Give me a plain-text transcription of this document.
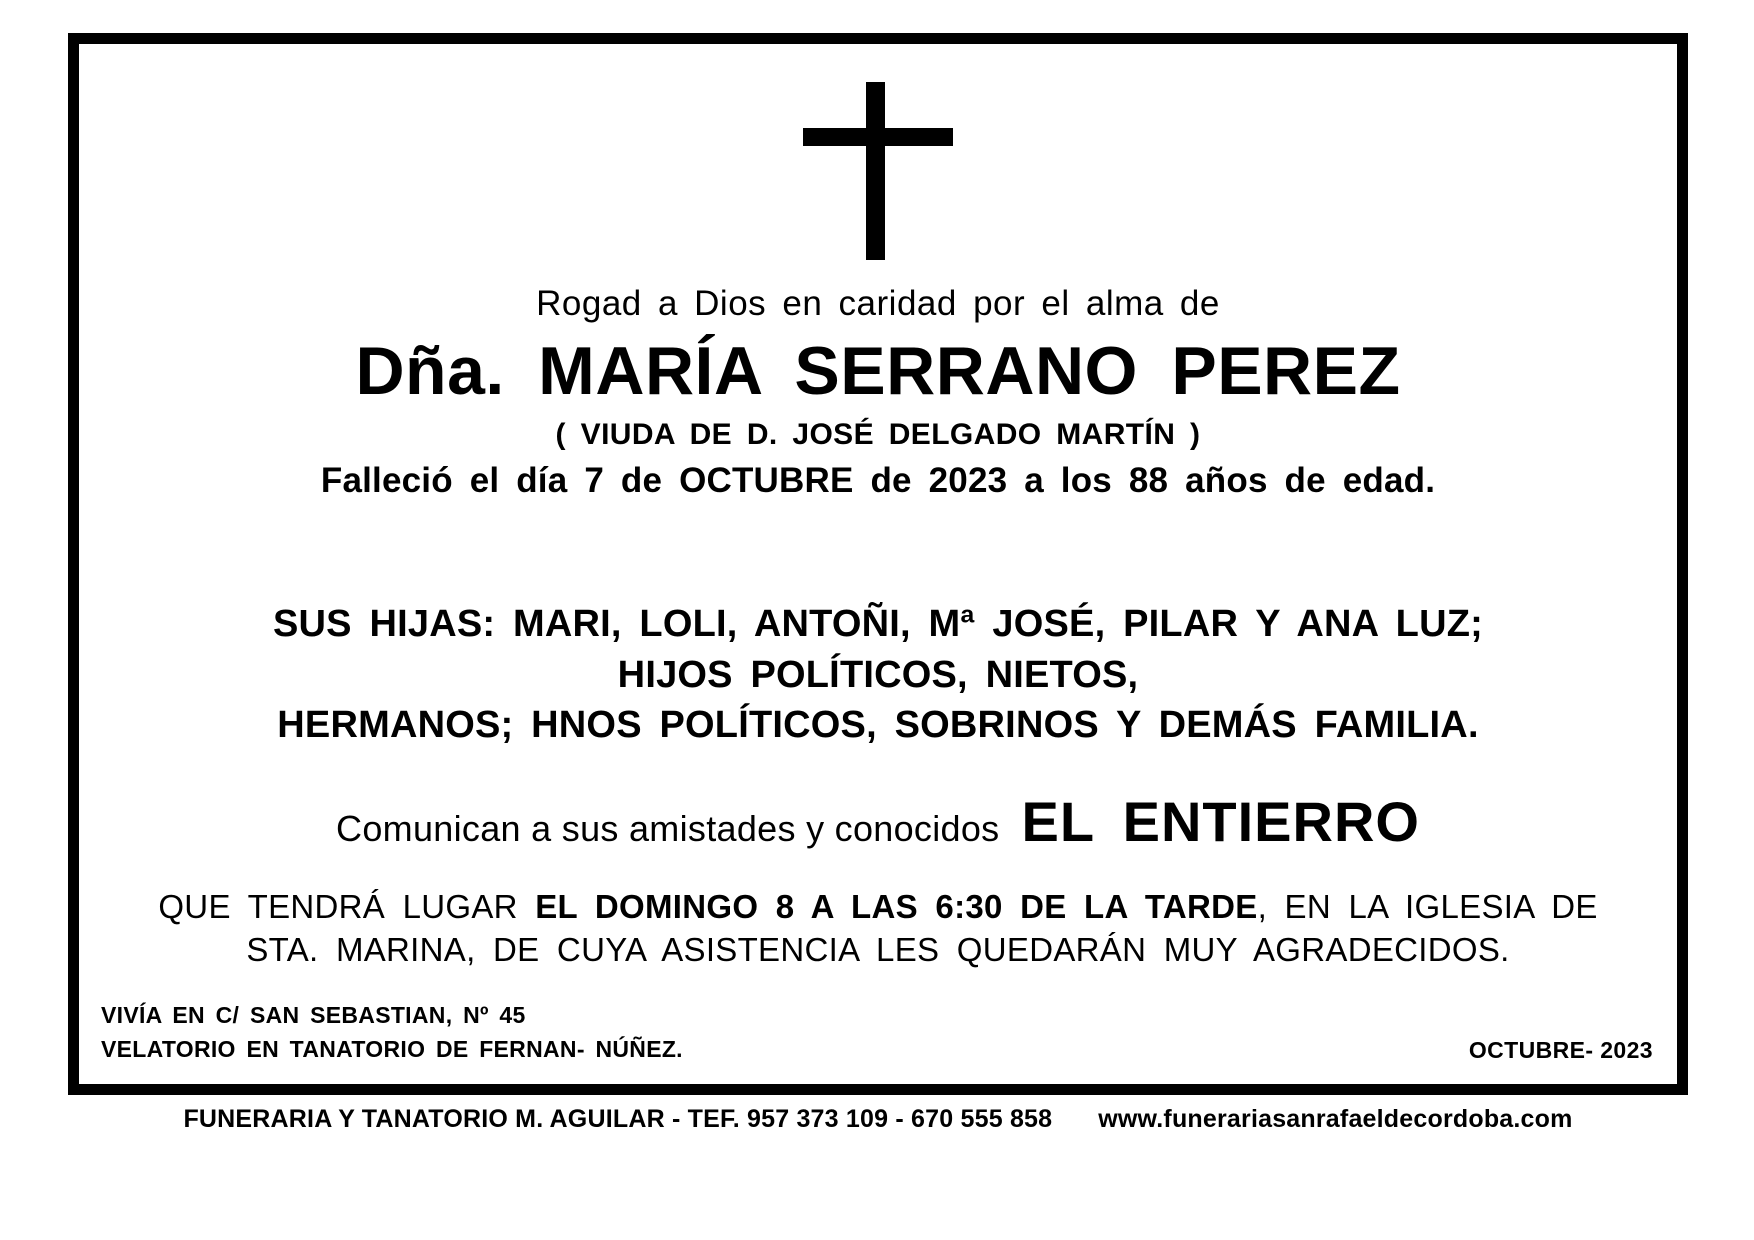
Rogad a Dios en caridad por el alma de
Dña. MARÍA SERRANO PEREZ
( VIUDA DE D. JOSÉ DELGADO MARTÍN )
Falleció el día 7 de OCTUBRE de 2023 a los 88 años de edad.
SUS HIJAS: MARI, LOLI, ANTOÑI, Mª JOSÉ, PILAR Y ANA LUZ;
HIJOS POLÍTICOS, NIETOS,
HERMANOS; HNOS POLÍTICOS, SOBRINOS Y DEMÁS FAMILIA.
Comunican a sus amistades y conocidos EL ENTIERRO
QUE TENDRÁ LUGAR EL DOMINGO 8 A LAS 6:30 DE LA TARDE, EN LA IGLESIA DE
STA. MARINA, DE CUYA ASISTENCIA LES QUEDARÁN MUY AGRADECIDOS.
VIVÍA EN C/ SAN SEBASTIAN, Nº 45
VELATORIO EN TANATORIO DE FERNAN- NÚÑEZ.	OCTUBRE- 2023
FUNERARIA Y TANATORIO M. AGUILAR - TEF. 957 373 109 - 670 555 858 www.funerariasanrafaeldecordoba.com
